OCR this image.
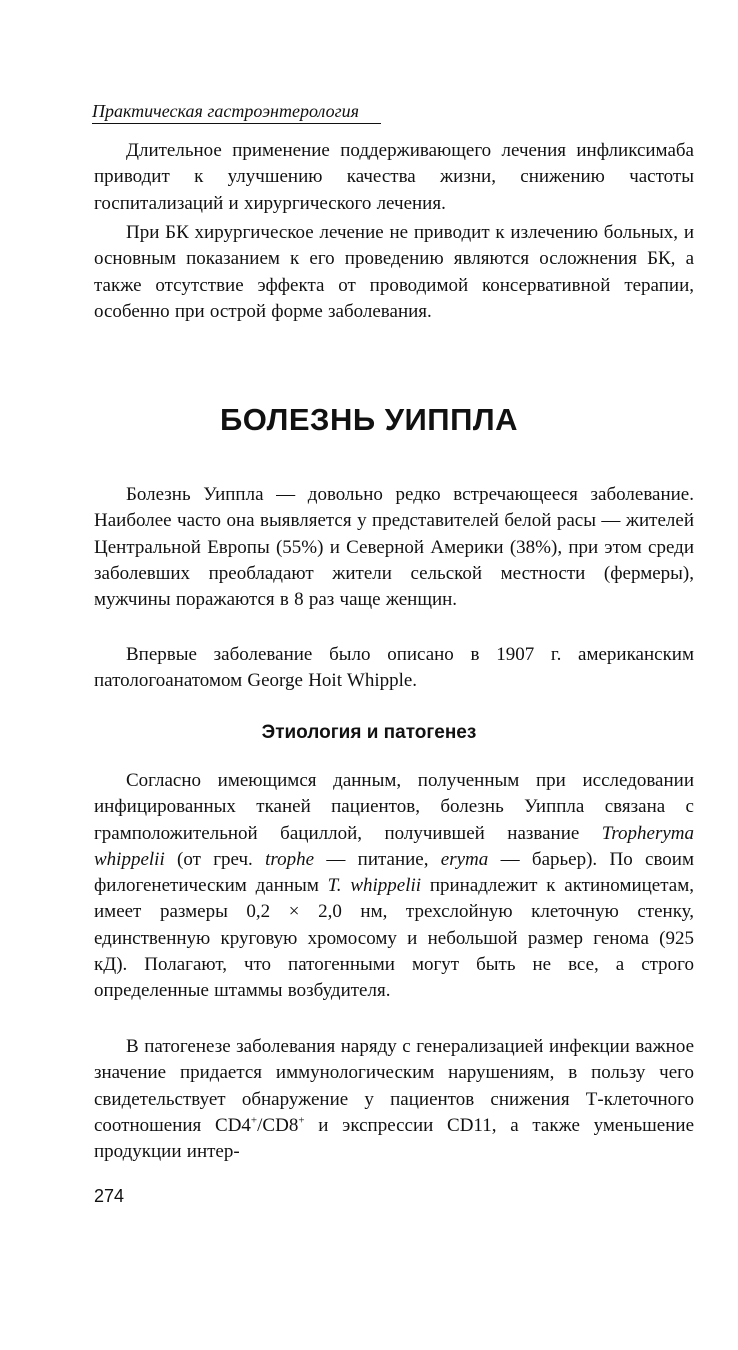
Практическая гастроэнтерология

Длительное применение поддерживающего лечения инфликсимаба приводит к улучшению качества жизни, снижению частоты госпитализаций и хирургического лечения.

При БК хирургическое лечение не приводит к излечению больных, и основным показанием к его проведению являются осложнения БК, а также отсутствие эффекта от проводимой консервативной терапии, особенно при острой форме заболевания.

БОЛЕЗНЬ УИППЛА

Болезнь Уиппла — довольно редко встречающееся заболевание. Наиболее часто она выявляется у представителей белой расы — жителей Центральной Европы (55%) и Северной Америки (38%), при этом среди заболевших преобладают жители сельской местности (фермеры), мужчины поражаются в 8 раз чаще женщин.

Впервые заболевание было описано в 1907 г. американским патологоанатомом George Hoit Whipple.

Этиология и патогенез

Согласно имеющимся данным, полученным при исследовании инфицированных тканей пациентов, болезнь Уиппла связана с грамположительной бациллой, получившей название Tropheryma whippelii (от греч. trophe — питание, eryma — барьер). По своим филогенетическим данным T. whippelii принадлежит к актиномицетам, имеет размеры 0,2 × 2,0 нм, трехслойную клеточную стенку, единственную круговую хромосому и небольшой размер генома (925 кД). Полагают, что патогенными могут быть не все, а строго определенные штаммы возбудителя.

В патогенезе заболевания наряду с генерализацией инфекции важное значение придается иммунологическим нарушениям, в пользу чего свидетельствует обнаружение у пациентов снижения Т-клеточного соотношения CD4+/CD8+ и экспрессии CD11, а также уменьшение продукции интер-

274
